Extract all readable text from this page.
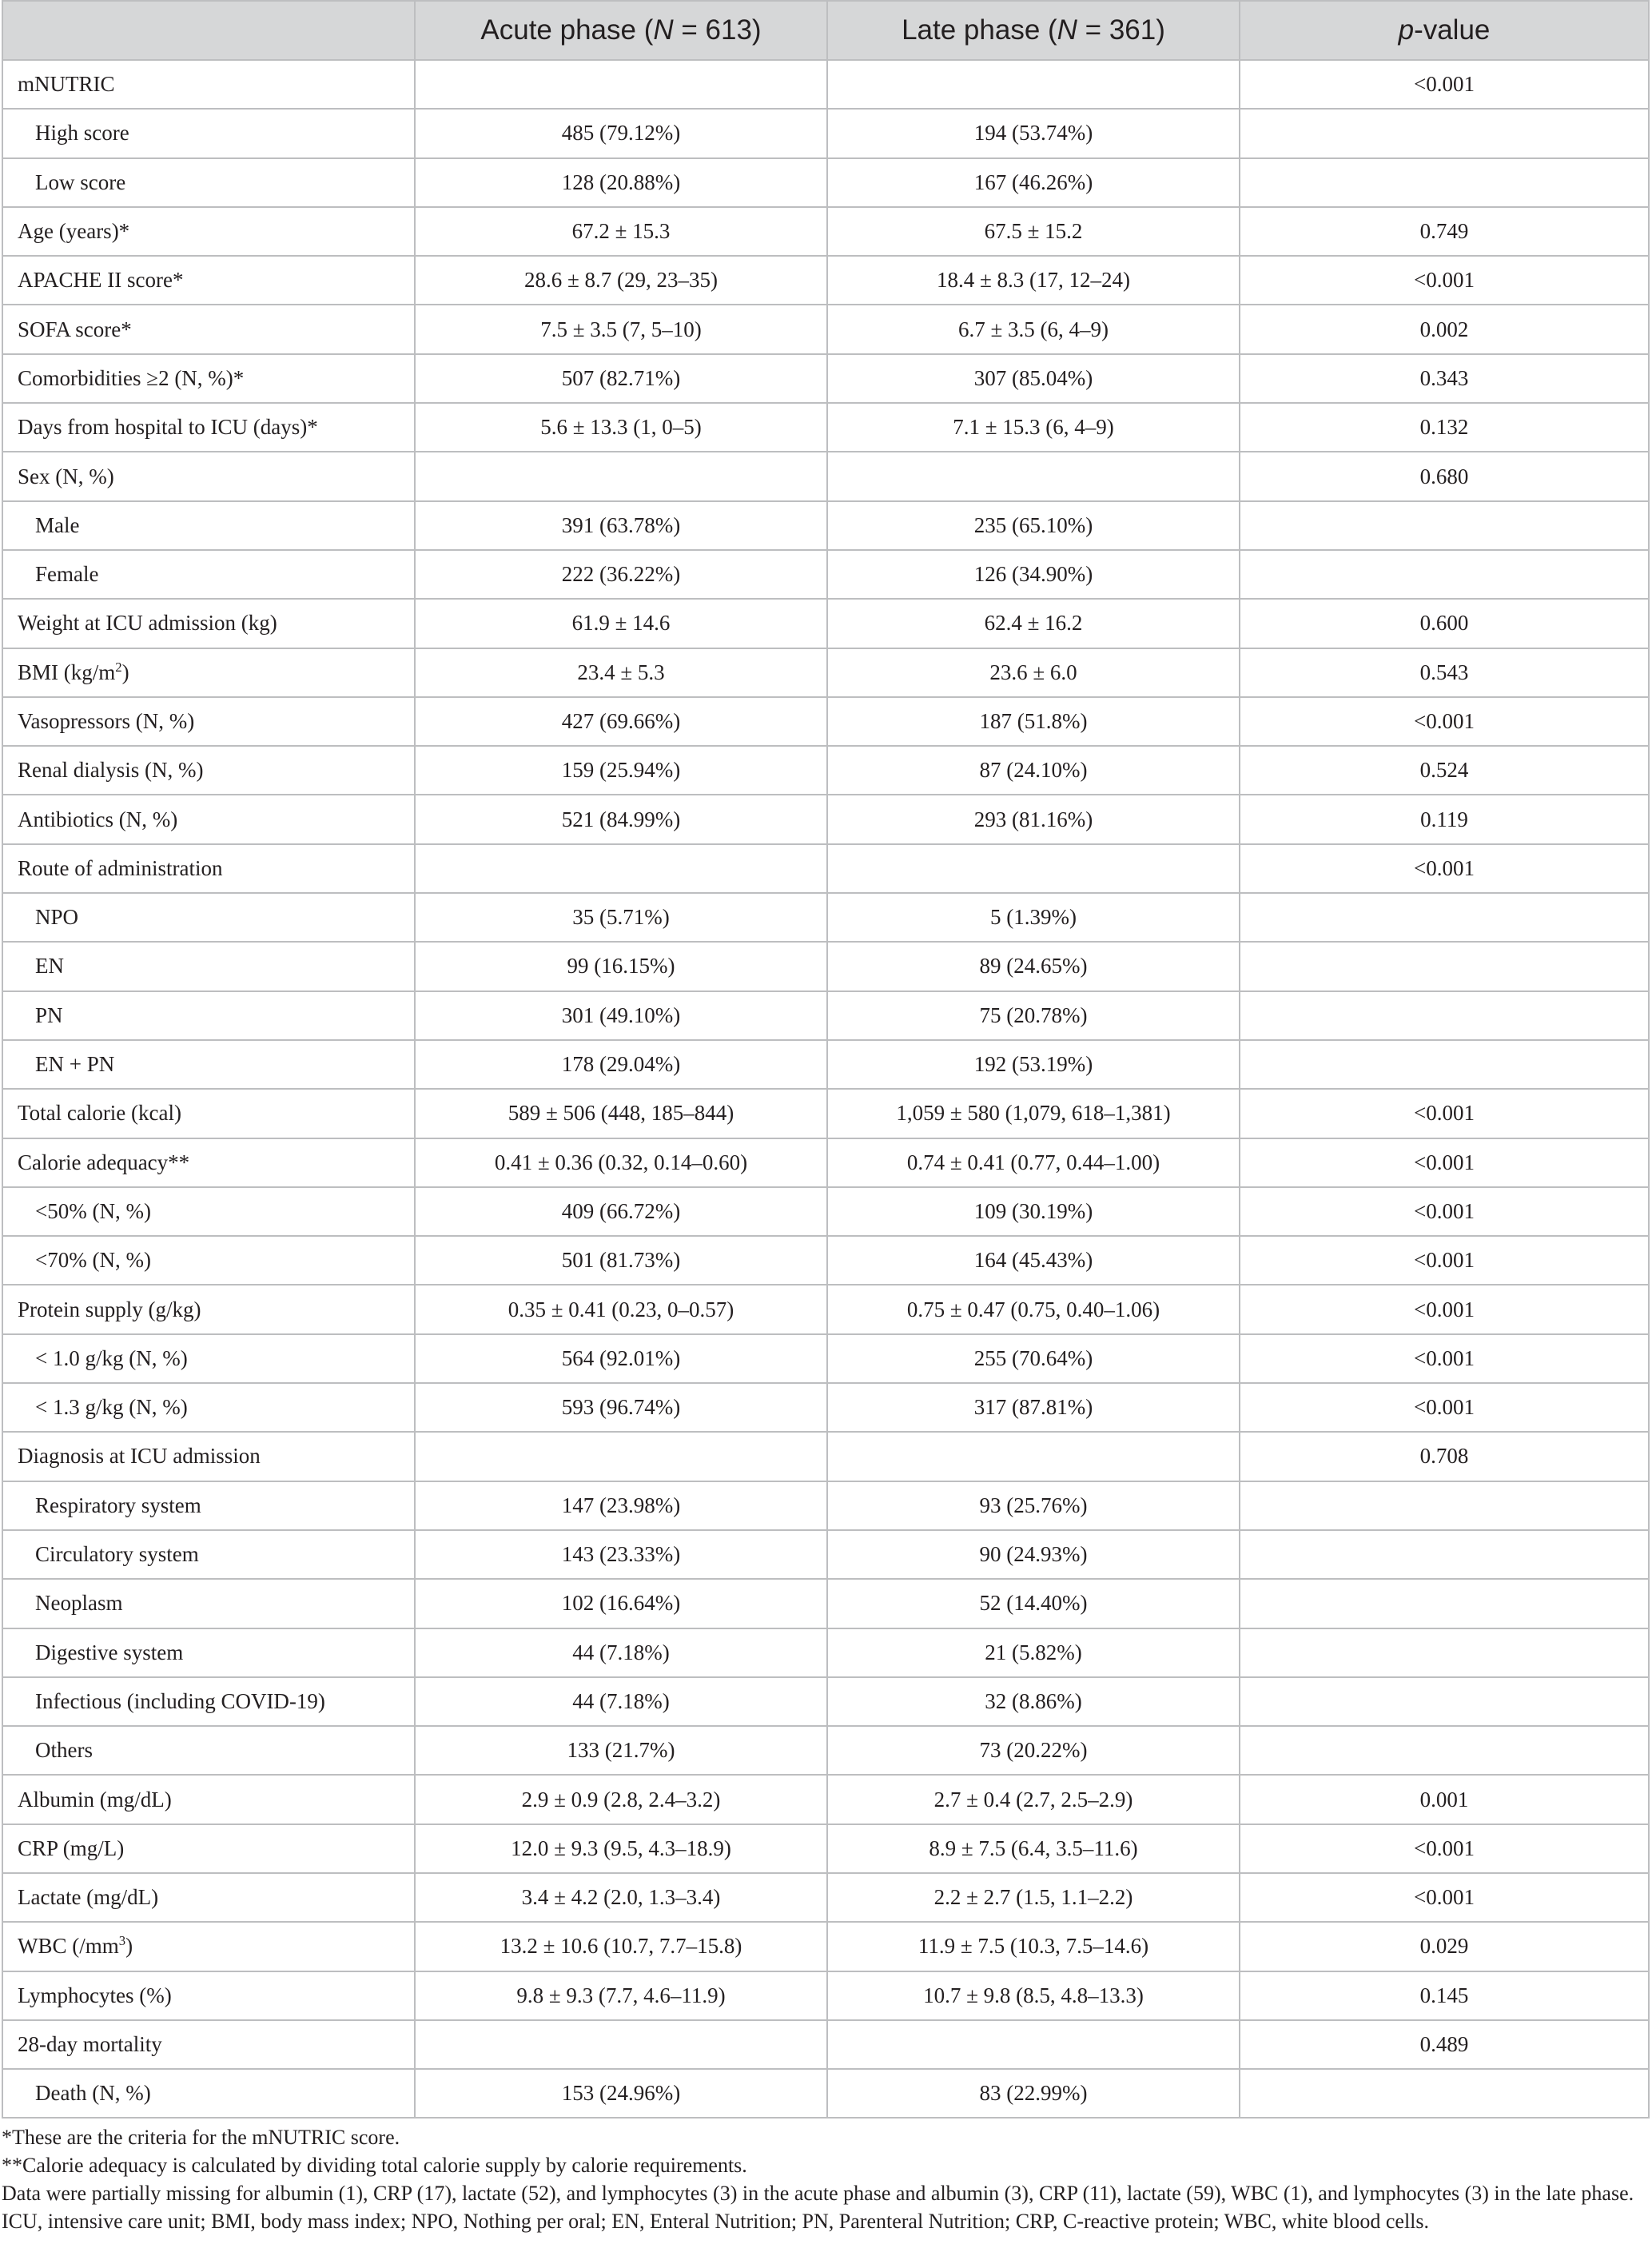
	Acute phase (N = 613)	Late phase (N = 361)	p-value
mNUTRIC			<0.001
High score	485 (79.12%)	194 (53.74%)	
Low score	128 (20.88%)	167 (46.26%)	
Age (years)*	67.2 ± 15.3	67.5 ± 15.2	0.749
APACHE II score*	28.6 ± 8.7 (29, 23–35)	18.4 ± 8.3 (17, 12–24)	<0.001
SOFA score*	7.5 ± 3.5 (7, 5–10)	6.7 ± 3.5 (6, 4–9)	0.002
Comorbidities ≥2 (N, %)*	507 (82.71%)	307 (85.04%)	0.343
Days from hospital to ICU (days)*	5.6 ± 13.3 (1, 0–5)	7.1 ± 15.3 (6, 4–9)	0.132
Sex (N, %)			0.680
Male	391 (63.78%)	235 (65.10%)	
Female	222 (36.22%)	126 (34.90%)	
Weight at ICU admission (kg)	61.9 ± 14.6	62.4 ± 16.2	0.600
BMI $(kg/m^2)$	23.4 ± 5.3	23.6 ± 6.0	0.543
Vasopressors (N, %)	427 (69.66%)	187 (51.8%)	<0.001
Renal dialysis (N, %)	159 (25.94%)	87 (24.10%)	0.524
Antibiotics (N, %)	521 (84.99%)	293 (81.16%)	0.119
Route of administration			<0.001
NPO	35 (5.71%)	5 (1.39%)	
EN	99 (16.15%)	89 (24.65%)	
PN	301 (49.10%)	75 (20.78%)	
EN + PN	178 (29.04%)	192 (53.19%)	
Total calorie (kcal)	589 ± 506 (448, 185–844)	1,059 ± 580 (1,079, 618–1,381)	<0.001
Calorie adequacy**	0.41 ± 0.36 (0.32, 0.14–0.60)	0.74 ± 0.41 (0.77, 0.44–1.00)	<0.001
<50% (N, %)	409 (66.72%)	109 (30.19%)	<0.001
<70% (N, %)	501 (81.73%)	164 (45.43%)	<0.001
Protein supply (g/kg)	0.35 ± 0.41 (0.23, 0–0.57)	0.75 ± 0.47 (0.75, 0.40–1.06)	<0.001
< 1.0 g/kg (N, %)	564 (92.01%)	255 (70.64%)	<0.001
< 1.3 g/kg (N, %)	593 (96.74%)	317 (87.81%)	<0.001
Diagnosis at ICU admission			0.708
Respiratory system	147 (23.98%)	93 (25.76%)	
Circulatory system	143 (23.33%)	90 (24.93%)	
Neoplasm	102 (16.64%)	52 (14.40%)	
Digestive system	44 (7.18%)	21 (5.82%)	
Infectious (including COVID-19)	44 (7.18%)	32 (8.86%)	
Others	133 (21.7%)	73 (20.22%)	
Albumin (mg/dL)	2.9 ± 0.9 (2.8, 2.4–3.2)	2.7 ± 0.4 (2.7, 2.5–2.9)	0.001
CRP (mg/L)	12.0 ± 9.3 (9.5, 4.3–18.9)	8.9 ± 7.5 (6.4, 3.5–11.6)	<0.001
Lactate (mg/dL)	3.4 ± 4.2 (2.0, 1.3–3.4)	2.2 ± 2.7 (1.5, 1.1–2.2)	<0.001
WBC $(/mm^3)$	13.2 ± 10.6 (10.7, 7.7–15.8)	11.9 ± 7.5 (10.3, 7.5–14.6)	0.029
Lymphocytes (%)	9.8 ± 9.3 (7.7, 4.6–11.9)	10.7 ± 9.8 (8.5, 4.8–13.3)	0.145
28-day mortality			0.489
Death (N, %)	153 (24.96%)	83 (22.99%)	

*These are the criteria for the mNUTRIC score.

**Calorie adequacy is calculated by dividing total calorie supply by calorie requirements.

Data were partially missing for albumin (1), CRP (17), lactate (52), and lymphocytes (3) in the acute phase and albumin (3), CRP (11), lactate (59), WBC (1), and lymphocytes (3) in the late phase. ICU, intensive care unit; BMI, body mass index; NPO, Nothing per oral; EN, Enteral Nutrition; PN, Parenteral Nutrition; CRP, C-reactive protein; WBC, white blood cells.
